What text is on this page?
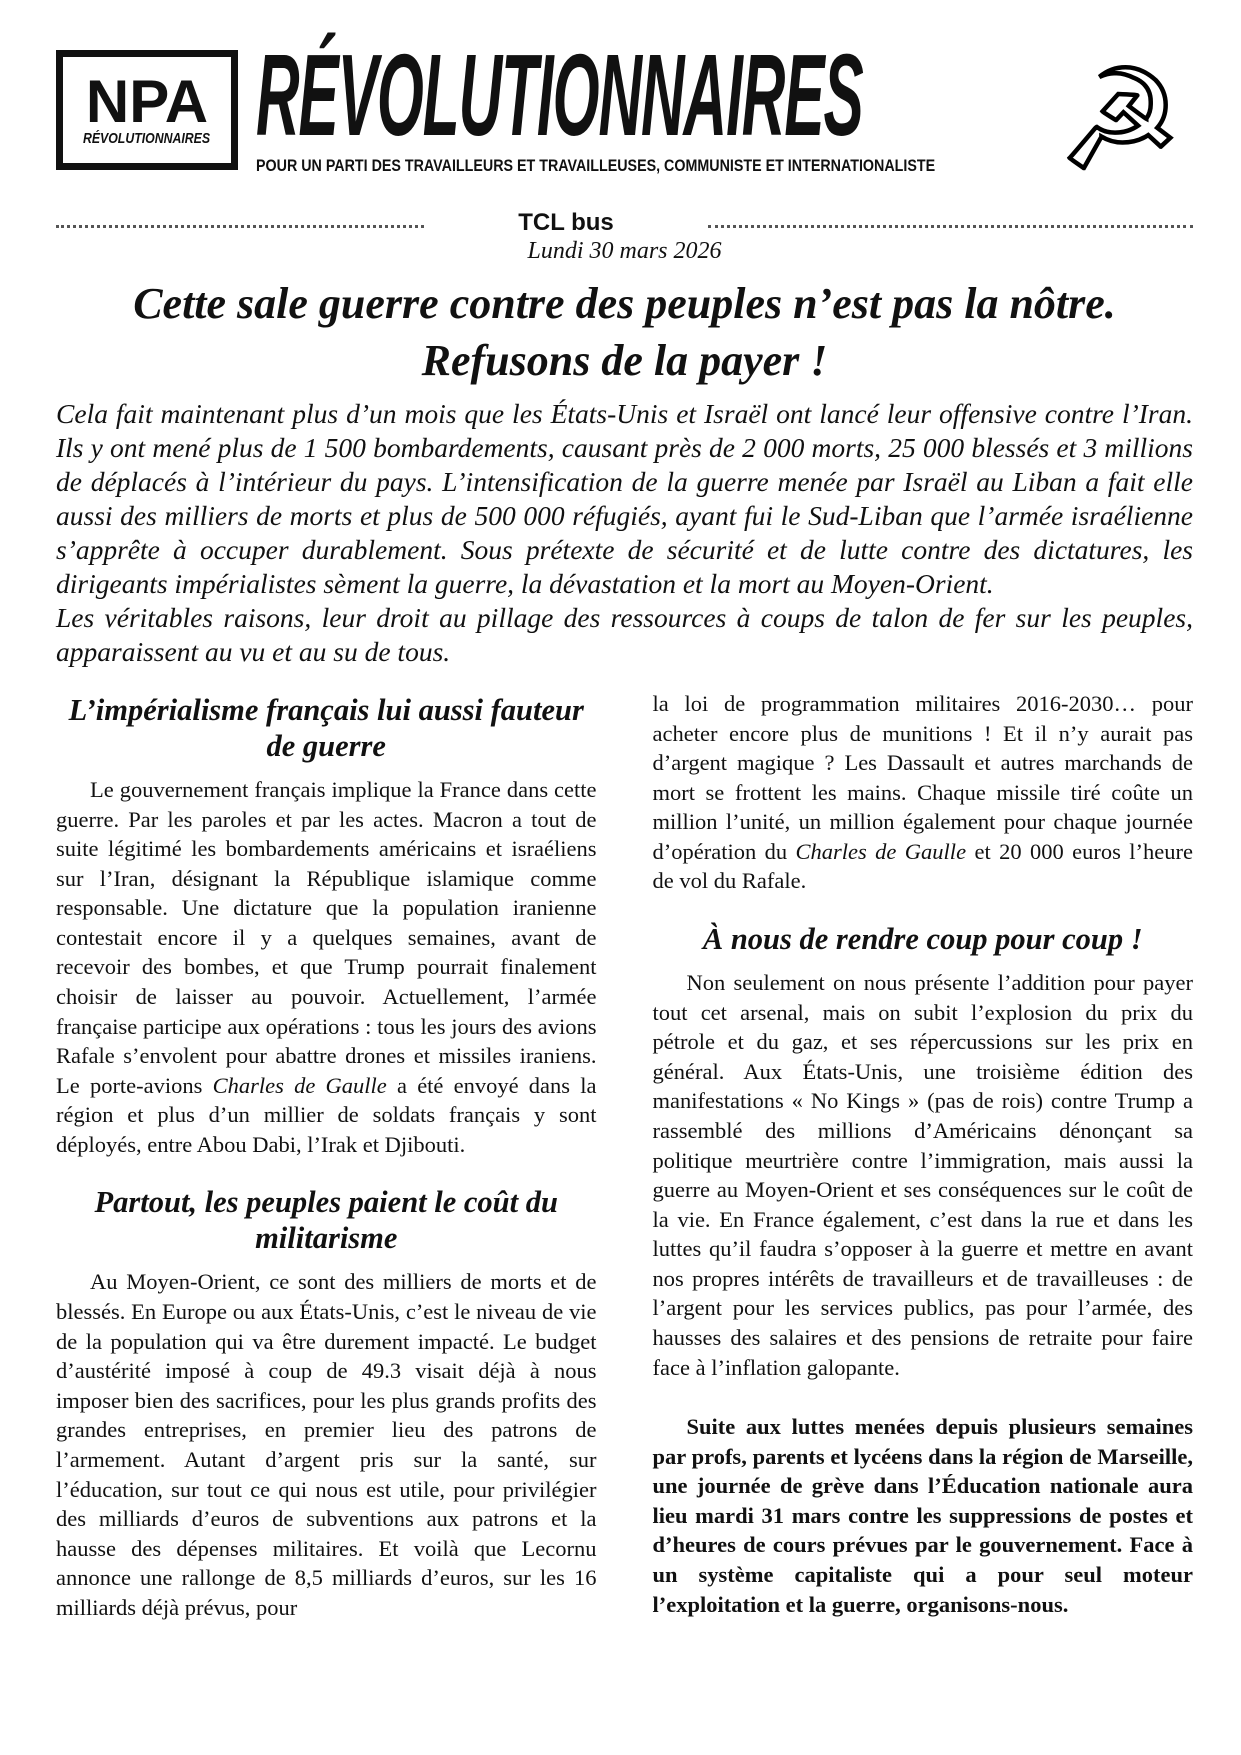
NPA
RÉVOLUTIONNAIRES RÉVOLUTIONNAIRES
POUR UN PARTI DES TRAVAILLEURS ET TRAVAILLEUSES, COMMUNISTE ET INTERNATIONALISTE	☭
TCL bus
Lundi 30 mars 2026
Cette sale guerre contre des peuples n’est pas la nôtre. Refusons de la payer !

Cela fait maintenant plus d’un mois que les États-Unis et Israël ont lancé leur offensive contre l’Iran. Ils y ont mené plus de 1 500 bombardements, causant près de 2 000 morts, 25 000 blessés et 3 millions de déplacés à l’intérieur du pays. L’intensification de la guerre menée par Israël au Liban a fait elle aussi des milliers de morts et plus de 500 000 réfugiés, ayant fui le Sud-Liban que l’armée israélienne s’apprête à occuper durablement. Sous prétexte de sécurité et de lutte contre des dictatures, les dirigeants impérialistes sèment la guerre, la dévastation et la mort au Moyen-Orient.

Les véritables raisons, leur droit au pillage des ressources à coups de talon de fer sur les peuples, apparaissent au vu et au su de tous.

L’impérialisme français lui aussi fauteur de guerre

Le gouvernement français implique la France dans cette guerre. Par les paroles et par les actes. Macron a tout de suite légitimé les bombardements américains et israéliens sur l’Iran, désignant la République islamique comme responsable. Une dictature que la population iranienne contestait encore il y a quelques semaines, avant de recevoir des bombes, et que Trump pourrait finalement choisir de laisser au pouvoir. Actuellement, l’armée française participe aux opérations : tous les jours des avions Rafale s’envolent pour abattre drones et missiles iraniens. Le porte-avions Charles de Gaulle a été envoyé dans la région et plus d’un millier de soldats français y sont déployés, entre Abou Dabi, l’Irak et Djibouti.

Partout, les peuples paient le coût du militarisme

Au Moyen-Orient, ce sont des milliers de morts et de blessés. En Europe ou aux États-Unis, c’est le niveau de vie de la population qui va être durement impacté. Le budget d’austérité imposé à coup de 49.3 visait déjà à nous imposer bien des sacrifices, pour les plus grands profits des grandes entreprises, en premier lieu des patrons de l’armement. Autant d’argent pris sur la santé, sur l’éducation, sur tout ce qui nous est utile, pour privilégier des milliards d’euros de subventions aux patrons et la hausse des dépenses militaires. Et voilà que Lecornu annonce une rallonge de 8,5 milliards d’euros, sur les 16 milliards déjà prévus, pour

la loi de programmation militaires 2016-2030… pour acheter encore plus de munitions ! Et il n’y aurait pas d’argent magique ? Les Dassault et autres marchands de mort se frottent les mains. Chaque missile tiré coûte un million l’unité, un million également pour chaque journée d’opération du Charles de Gaulle et 20 000 euros l’heure de vol du Rafale.

À nous de rendre coup pour coup !

Non seulement on nous présente l’addition pour payer tout cet arsenal, mais on subit l’explosion du prix du pétrole et du gaz, et ses répercussions sur les prix en général. Aux États-Unis, une troisième édition des manifestations « No Kings » (pas de rois) contre Trump a rassemblé des millions d’Américains dénonçant sa politique meurtrière contre l’immigration, mais aussi la guerre au Moyen-Orient et ses conséquences sur le coût de la vie. En France également, c’est dans la rue et dans les luttes qu’il faudra s’opposer à la guerre et mettre en avant nos propres intérêts de travailleurs et de travailleuses : de l’argent pour les services publics, pas pour l’armée, des hausses des salaires et des pensions de retraite pour faire face à l’inflation galopante.

Suite aux luttes menées depuis plusieurs semaines par profs, parents et lycéens dans la région de Marseille, une journée de grève dans l’Éducation nationale aura lieu mardi 31 mars contre les suppressions de postes et d’heures de cours prévues par le gouvernement. Face à un système capitaliste qui a pour seul moteur l’exploitation et la guerre, organisons-nous.
